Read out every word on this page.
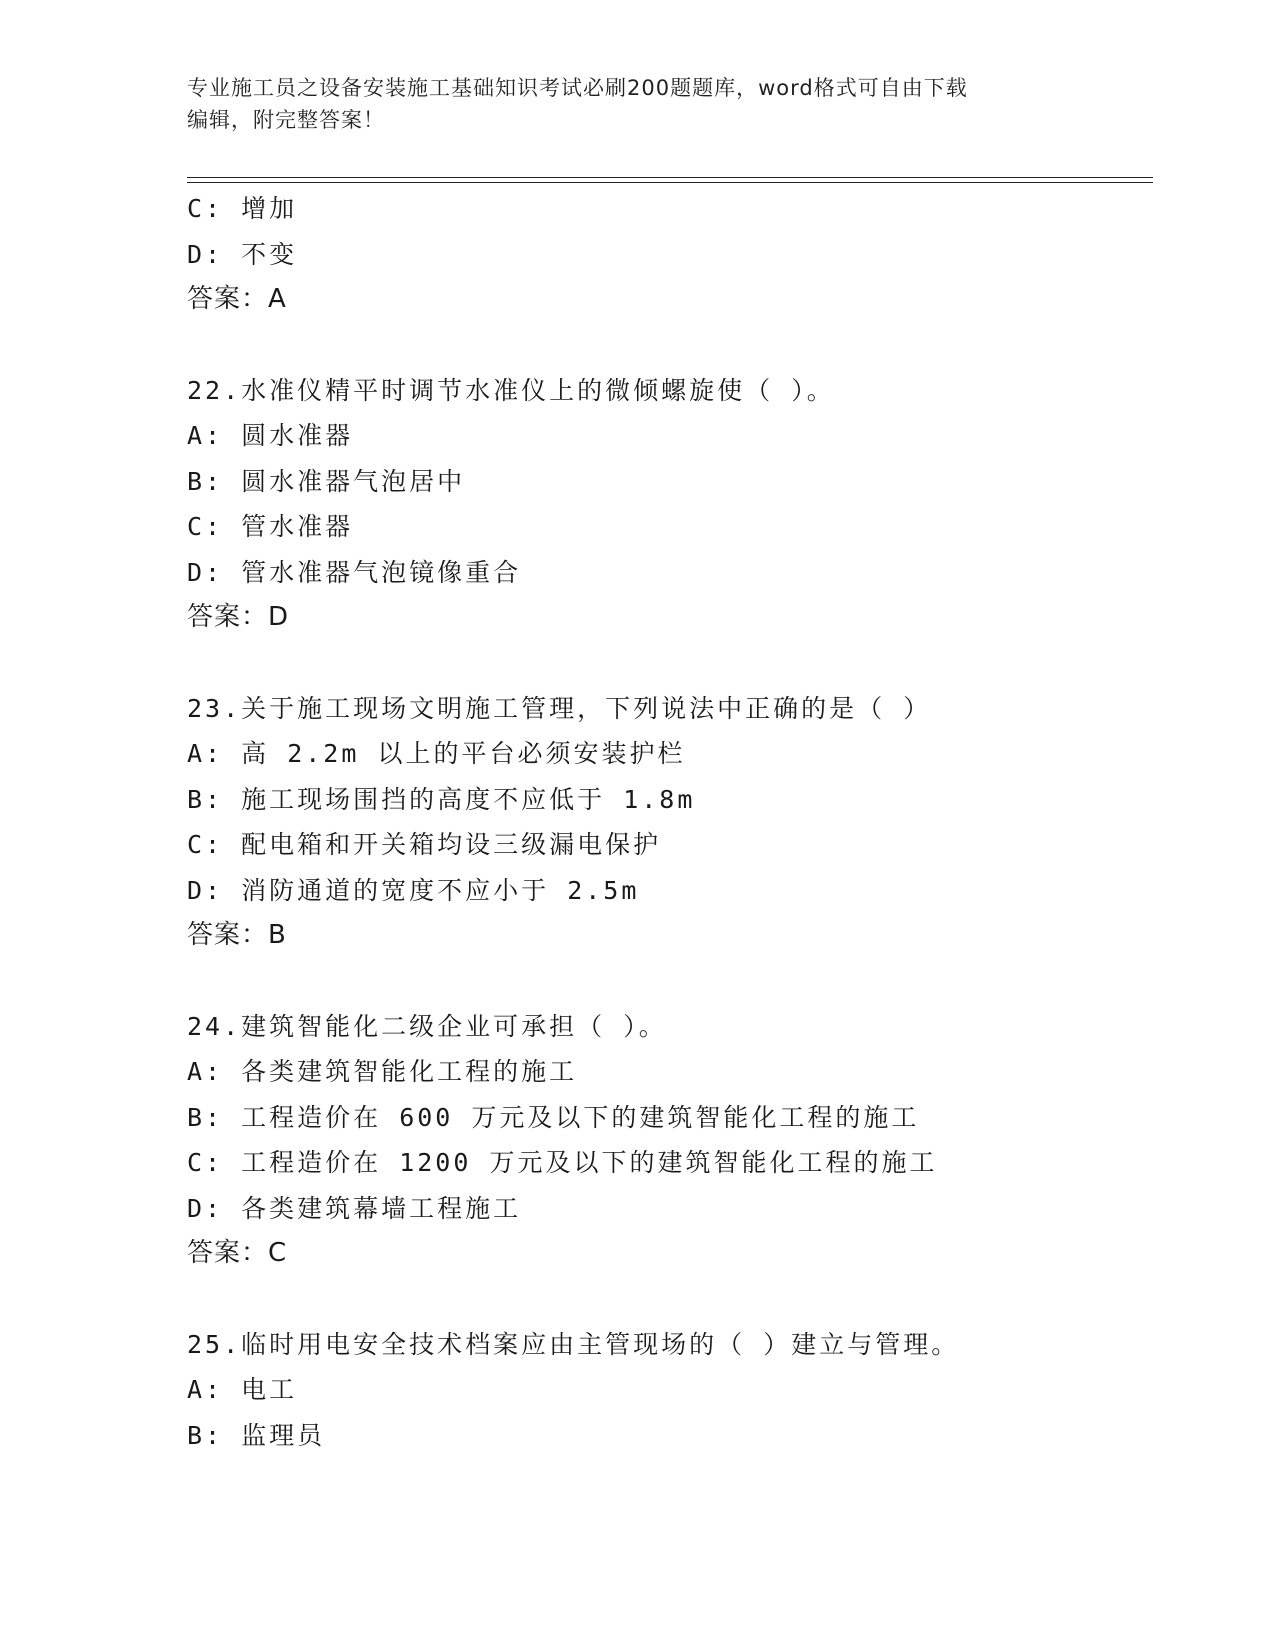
专业施工员之设备安装施工基础知识考试必刷200题题库，word格式可自由下载
编辑，附完整答案！
C: 增加
D: 不变
答案：A
22.水准仪精平时调节水准仪上的微倾螺旋使（ ）。
A: 圆水准器
B: 圆水准器气泡居中
C: 管水准器
D: 管水准器气泡镜像重合
答案：D
23.关于施工现场文明施工管理，下列说法中正确的是（ ）
A: 高 2.2m 以上的平台必须安装护栏
B: 施工现场围挡的高度不应低于 1.8m
C: 配电箱和开关箱均设三级漏电保护
D: 消防通道的宽度不应小于 2.5m
答案：B
24.建筑智能化二级企业可承担（ ）。
A: 各类建筑智能化工程的施工
B: 工程造价在 600 万元及以下的建筑智能化工程的施工
C: 工程造价在 1200 万元及以下的建筑智能化工程的施工
D: 各类建筑幕墙工程施工
答案：C
25.临时用电安全技术档案应由主管现场的（ ）建立与管理。
A: 电工
B: 监理员
